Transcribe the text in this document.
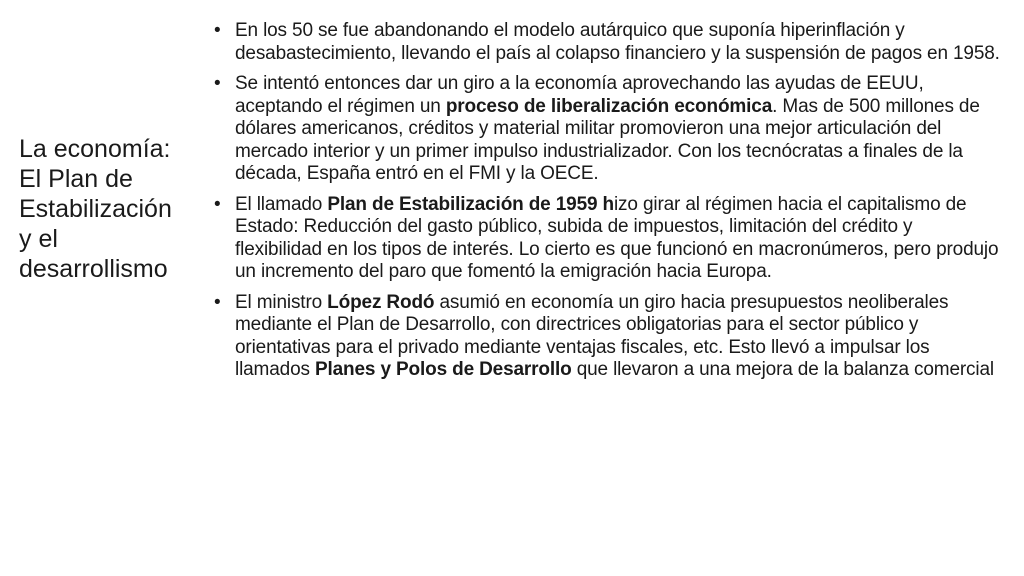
La economía:
El Plan de
Estabilización
y el
desarrollismo
• En los 50 se fue abandonando el modelo autárquico que suponía hiperinflación y desabastecimiento, llevando el país al colapso financiero y la suspensión de pagos en 1958.
• Se intentó entonces dar un giro a la economía aprovechando las ayudas de EEUU, aceptando el régimen un proceso de liberalización económica. Mas de 500 millones de dólares americanos, créditos y material militar promovieron una mejor articulación del mercado interior y un primer impulso industrializador. Con los tecnócratas a finales de la década, España entró en el FMI y la OECE.
• El llamado Plan de Estabilización de 1959 hizo girar al régimen hacia el capitalismo de Estado: Reducción del gasto público, subida de impuestos, limitación del crédito y flexibilidad en los tipos de interés. Lo cierto es que funcionó en macronúmeros, pero produjo un incremento del paro que fomentó la emigración hacia Europa.
• El ministro López Rodó asumió en economía un giro hacia presupuestos neoliberales mediante el Plan de Desarrollo, con directrices obligatorias para el sector público y orientativas para el privado mediante ventajas fiscales, etc. Esto llevó a impulsar los llamados Planes y Polos de Desarrollo que llevaron a una mejora de la balanza comercial
